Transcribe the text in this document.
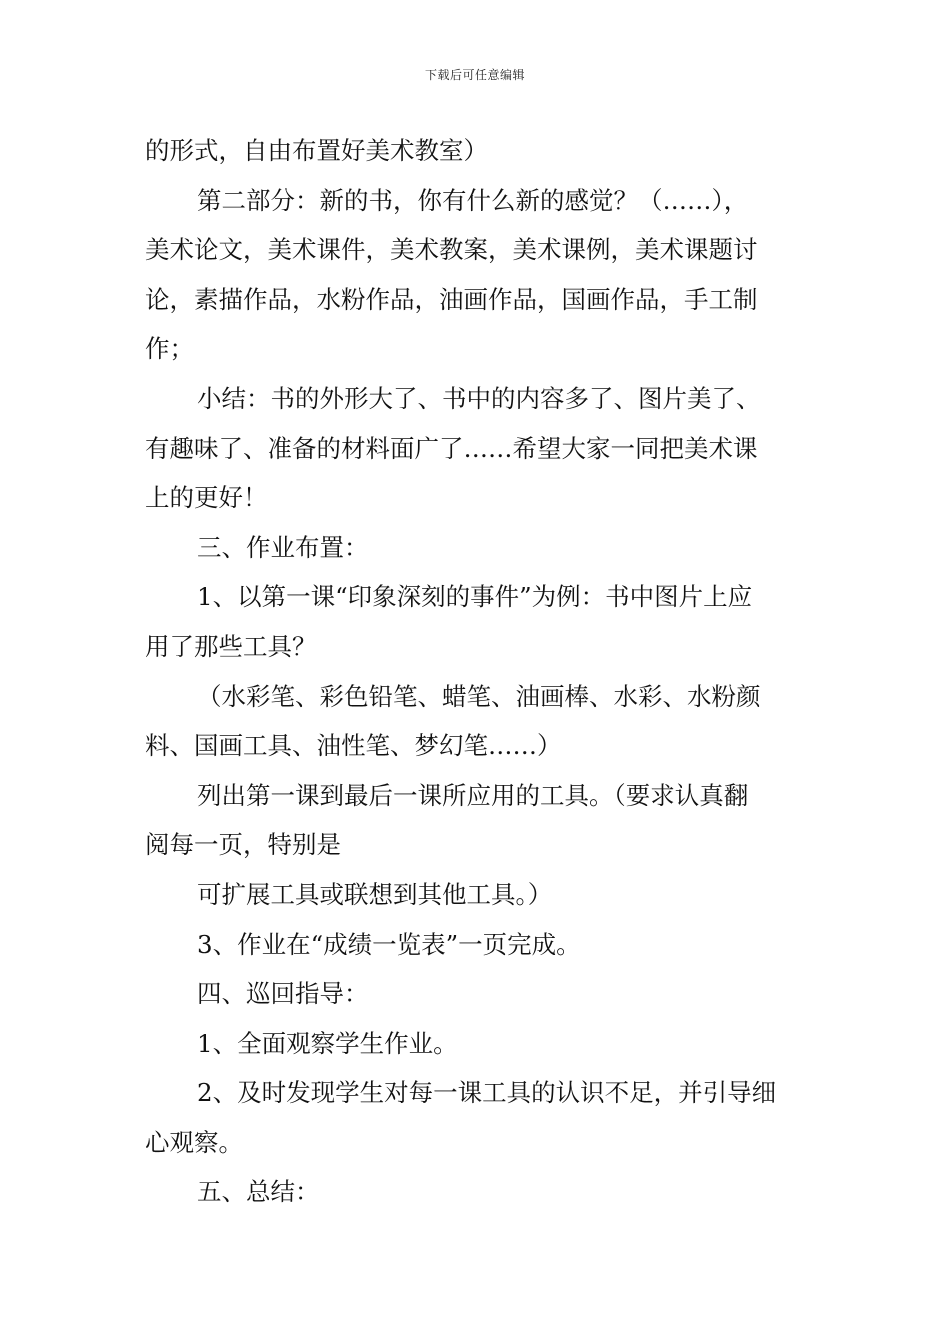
下载后可任意编辑

的形式，自由布置好美术教室）

第二部分：新的书，你有什么新的感觉？（……），

美术论文，美术课件，美术教案，美术课例，美术课题讨

论，素描作品，水粉作品，油画作品，国画作品，手工制

作；

小结：书的外形大了、书中的内容多了、图片美了、

有趣味了、准备的材料面广了……希望大家一同把美术课

上的更好！

三、作业布置：

1、以第一课“印象深刻的事件”为例：书中图片上应

用了那些工具？

（水彩笔、彩色铅笔、蜡笔、油画棒、水彩、水粉颜

料、国画工具、油性笔、梦幻笔……）

列出第一课到最后一课所应用的工具。（要求认真翻

阅每一页，特别是

可扩展工具或联想到其他工具。）

3、作业在“成绩一览表”一页完成。

四、巡回指导：

1、全面观察学生作业。

2、及时发现学生对每一课工具的认识不足，并引导细

心观察。

五、总结：
